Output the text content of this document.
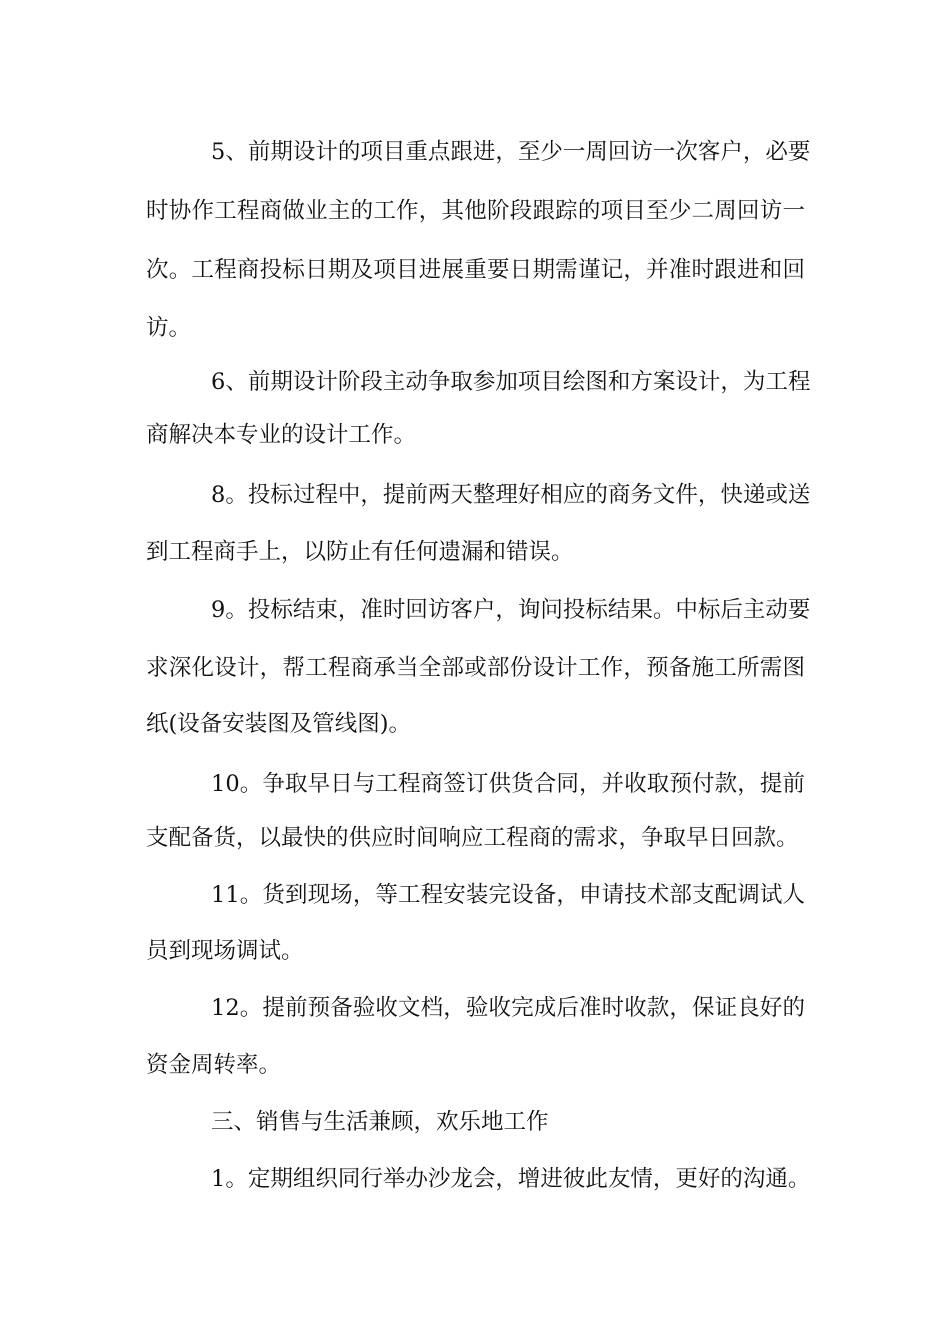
5、前期设计的项目重点跟进，至少一周回访一次客户，必要

时协作工程商做业主的工作，其他阶段跟踪的项目至少二周回访一

次。工程商投标日期及项目进展重要日期需谨记，并准时跟进和回

访。

6、前期设计阶段主动争取参加项目绘图和方案设计，为工程

商解决本专业的设计工作。

8。投标过程中，提前两天整理好相应的商务文件，快递或送

到工程商手上，以防止有任何遗漏和错误。

9。投标结束，准时回访客户，询问投标结果。中标后主动要

求深化设计，帮工程商承当全部或部份设计工作，预备施工所需图

纸(设备安装图及管线图)。

10。争取早日与工程商签订供货合同，并收取预付款，提前

支配备货，以最快的供应时间响应工程商的需求，争取早日回款。

11。货到现场，等工程安装完设备，申请技术部支配调试人

员到现场调试。

12。提前预备验收文档，验收完成后准时收款，保证良好的

资金周转率。

三、销售与生活兼顾，欢乐地工作

1。定期组织同行举办沙龙会，增进彼此友情，更好的沟通。
